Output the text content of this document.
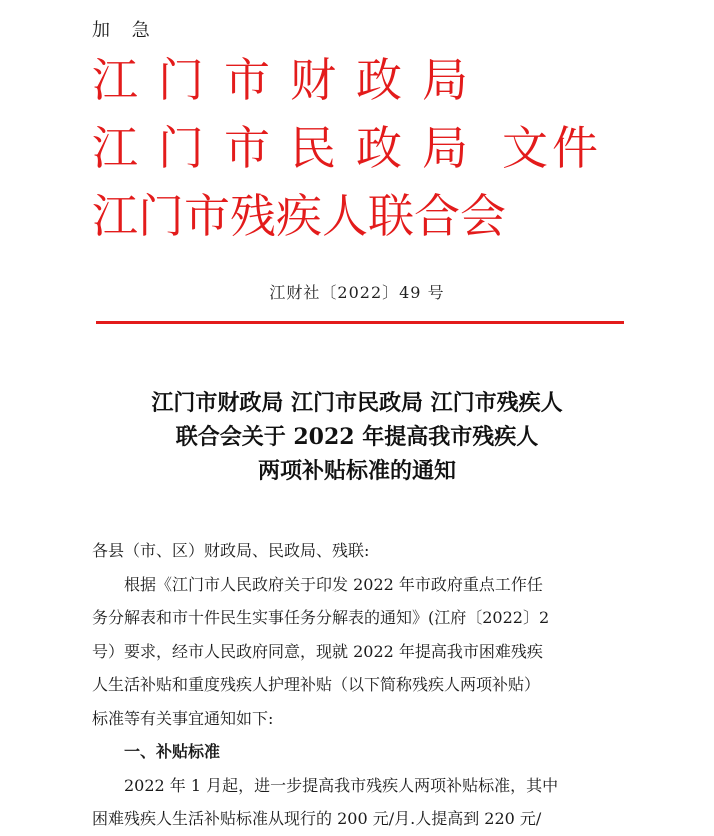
加 急
江门市财政局
江门市民政局 文件
江门市残疾人联合会
江财社〔2022〕49 号
江门市财政局 江门市民政局 江门市残疾人
联合会关于 2022 年提高我市残疾人
两项补贴标准的通知

各县（市、区）财政局、民政局、残联:

根据《江门市人民政府关于印发 2022 年市政府重点工作任

务分解表和市十件民生实事任务分解表的通知》(江府〔2022〕2

号）要求，经市人民政府同意，现就 2022 年提高我市困难残疾

人生活补贴和重度残疾人护理补贴（以下简称残疾人两项补贴）

标准等有关事宜通知如下:

一、补贴标准

2022 年 1 月起，进一步提高我市残疾人两项补贴标准，其中

困难残疾人生活补贴标准从现行的 200 元/月.人提高到 220 元/
